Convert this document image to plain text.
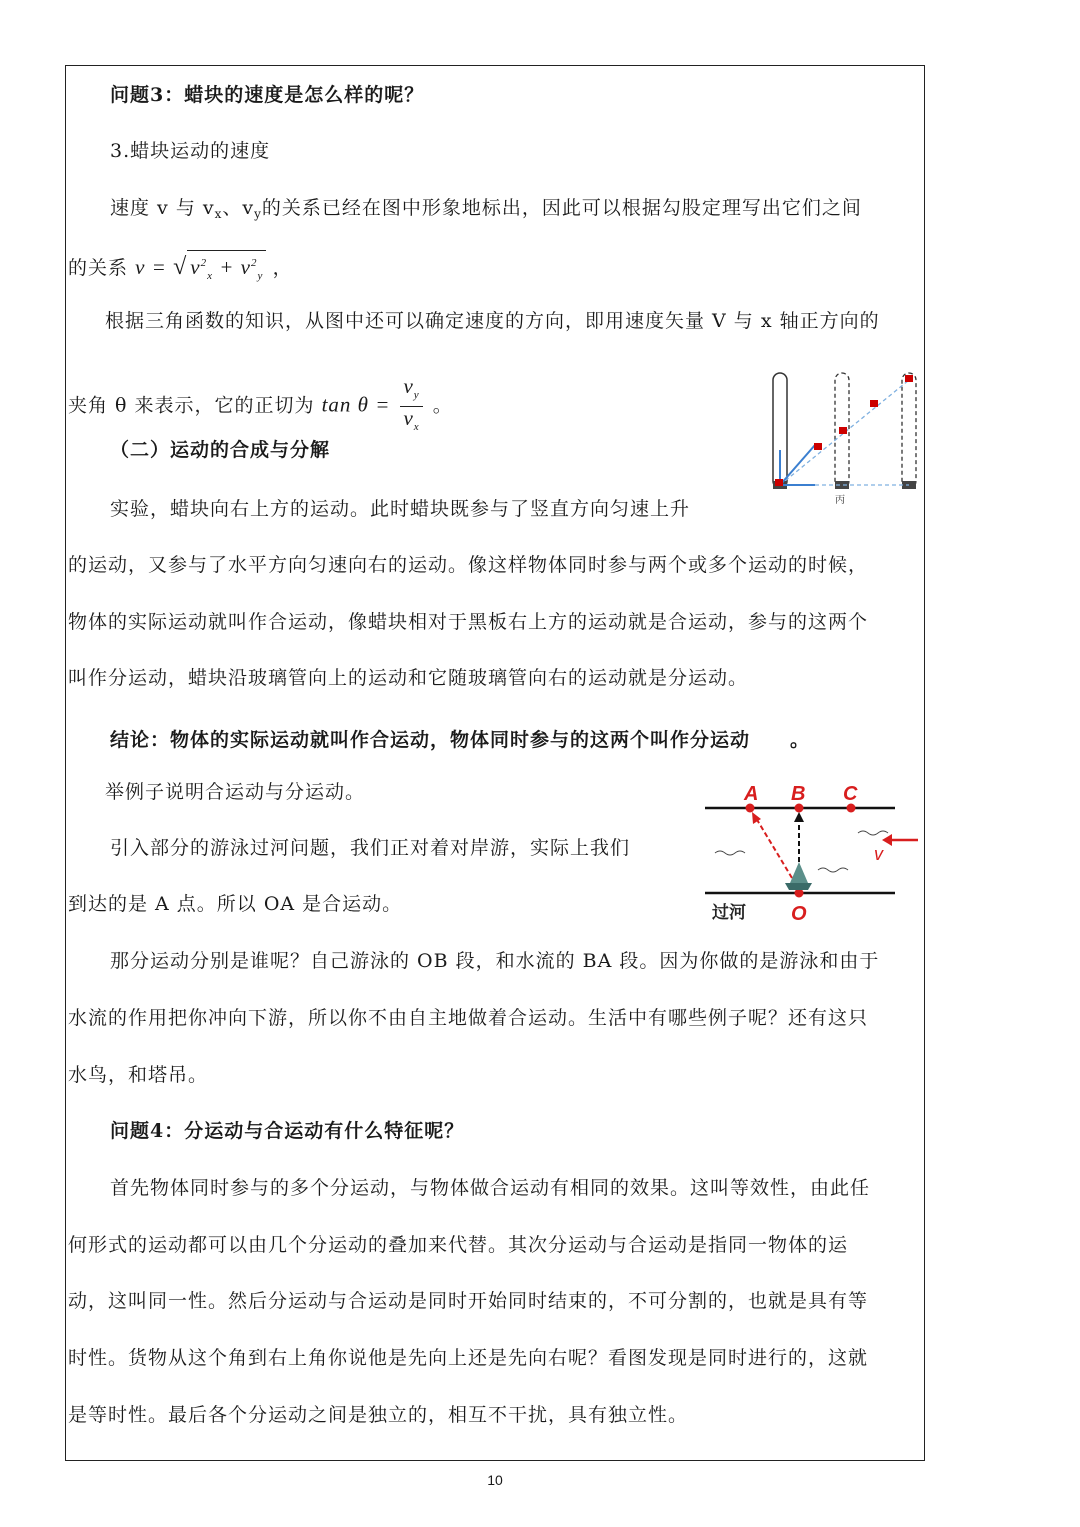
问题3：蜡块的速度是怎么样的呢？
3.蜡块运动的速度
速度 v 与 $v_x$、$v_y$的关系已经在图中形象地标出，因此可以根据勾股定理写出它们之间
的关系 v = √ $v^2_x + v^2_y$ ，
根据三角函数的知识，从图中还可以确定速度的方向，即用速度矢量 V 与 x 轴正方向的
夹角 θ 来表示，它的正切为 $\tan \theta = \frac{v_y}{v_x}$ 。
（二）运动的合成与分解
实验，蜡块向右上方的运动。此时蜡块既参与了竖直方向匀速上升
的运动，又参与了水平方向匀速向右的运动。像这样物体同时参与两个或多个运动的时候，
物体的实际运动就叫作合运动，像蜡块相对于黑板右上方的运动就是合运动，参与的这两个
叫作分运动，蜡块沿玻璃管向上的运动和它随玻璃管向右的运动就是分运动。
结论：物体的实际运动就叫作合运动，物体同时参与的这两个叫作分运动 。
举例子说明合运动与分运动。
引入部分的游泳过河问题，我们正对着对岸游，实际上我们
到达的是 A 点。所以 OA 是合运动。
那分运动分别是谁呢？自己游泳的 OB 段，和水流的 BA 段。因为你做的是游泳和由于
水流的作用把你冲向下游，所以你不由自主地做着合运动。生活中有哪些例子呢？还有这只
水鸟，和塔吊。
问题4：分运动与合运动有什么特征呢？
首先物体同时参与的多个分运动，与物体做合运动有相同的效果。这叫等效性，由此任
何形式的运动都可以由几个分运动的叠加来代替。其次分运动与合运动是指同一物体的运
动，这叫同一性。然后分运动与合运动是同时开始同时结束的，不可分割的，也就是具有等
时性。货物从这个角到右上角你说他是先向上还是先向右呢？看图发现是同时进行的，这就
是等时性。最后各个分运动之间是独立的，相互不干扰，具有独立性。
丙
A B C
O
v
过河
10
